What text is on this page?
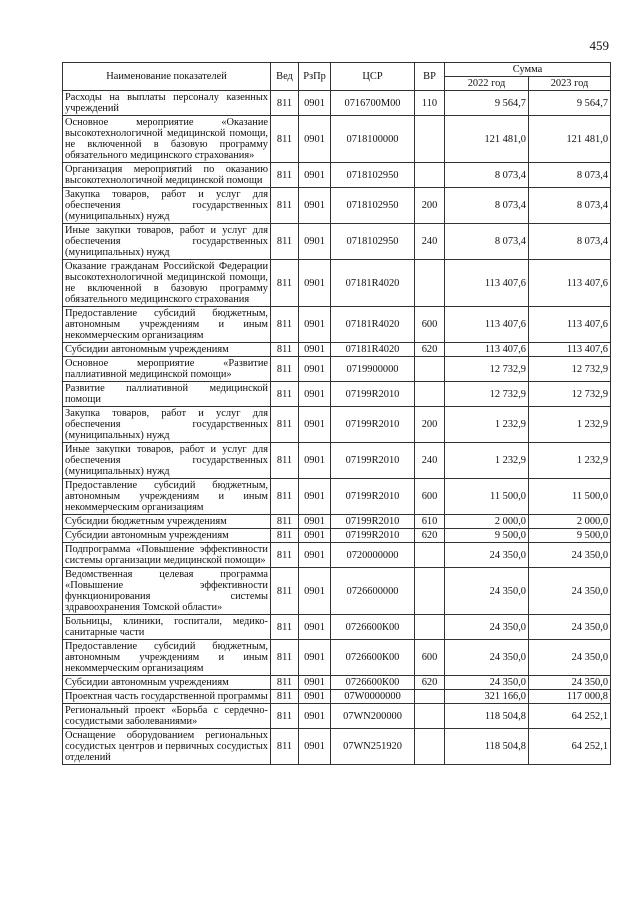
459
Наименование показателей	Вед	РзПр	ЦСР	ВР	Сумма	
					2022 год	2023 год
Расходы на выплаты персоналу казенных учреждений	811	0901	0716700М00	110	9 564,7	9 564,7
Основное мероприятие «Оказание высокотехнологичной медицинской помощи, не включенной в базовую программу обязательного медицинского страхования»	811	0901	0718100000		121 481,0	121 481,0
Организация мероприятий по оказанию высокотехнологичной медицинской помощи	811	0901	0718102950		8 073,4	8 073,4
Закупка товаров, работ и услуг для обеспечения государственных (муниципальных) нужд	811	0901	0718102950	200	8 073,4	8 073,4
Иные закупки товаров, работ и услуг для обеспечения государственных (муниципальных) нужд	811	0901	0718102950	240	8 073,4	8 073,4
Оказание гражданам Российской Федерации высокотехнологичной медицинской помощи, не включенной в базовую программу обязательного медицинского страхования	811	0901	07181R4020		113 407,6	113 407,6
Предоставление субсидий бюджетным, автономным учреждениям и иным некоммерческим организациям	811	0901	07181R4020	600	113 407,6	113 407,6
Субсидии автономным учреждениям	811	0901	07181R4020	620	113 407,6	113 407,6
Основное мероприятие «Развитие паллиативной медицинской помощи»	811	0901	0719900000		12 732,9	12 732,9
Развитие паллиативной медицинской помощи	811	0901	07199R2010		12 732,9	12 732,9
Закупка товаров, работ и услуг для обеспечения государственных (муниципальных) нужд	811	0901	07199R2010	200	1 232,9	1 232,9
Иные закупки товаров, работ и услуг для обеспечения государственных (муниципальных) нужд	811	0901	07199R2010	240	1 232,9	1 232,9
Предоставление субсидий бюджетным, автономным учреждениям и иным некоммерческим организациям	811	0901	07199R2010	600	11 500,0	11 500,0
Субсидии бюджетным учреждениям	811	0901	07199R2010	610	2 000,0	2 000,0
Субсидии автономным учреждениям	811	0901	07199R2010	620	9 500,0	9 500,0
Подпрограмма «Повышение эффективности системы организации медицинской помощи»	811	0901	0720000000		24 350,0	24 350,0
Ведомственная целевая программа «Повышение эффективности функционирования системы здравоохранения Томской области»	811	0901	0726600000		24 350,0	24 350,0
Больницы, клиники, госпитали, медико-санитарные части	811	0901	0726600К00		24 350,0	24 350,0
Предоставление субсидий бюджетным, автономным учреждениям и иным некоммерческим организациям	811	0901	0726600К00	600	24 350,0	24 350,0
Субсидии автономным учреждениям	811	0901	0726600К00	620	24 350,0	24 350,0
Проектная часть государственной программы	811	0901	07W0000000		321 166,0	117 000,8
Региональный проект «Борьба с сердечно-сосудистыми заболеваниями»	811	0901	07WN200000		118 504,8	64 252,1
Оснащение оборудованием региональных сосудистых центров и первичных сосудистых отделений	811	0901	07WN251920		118 504,8	64 252,1
